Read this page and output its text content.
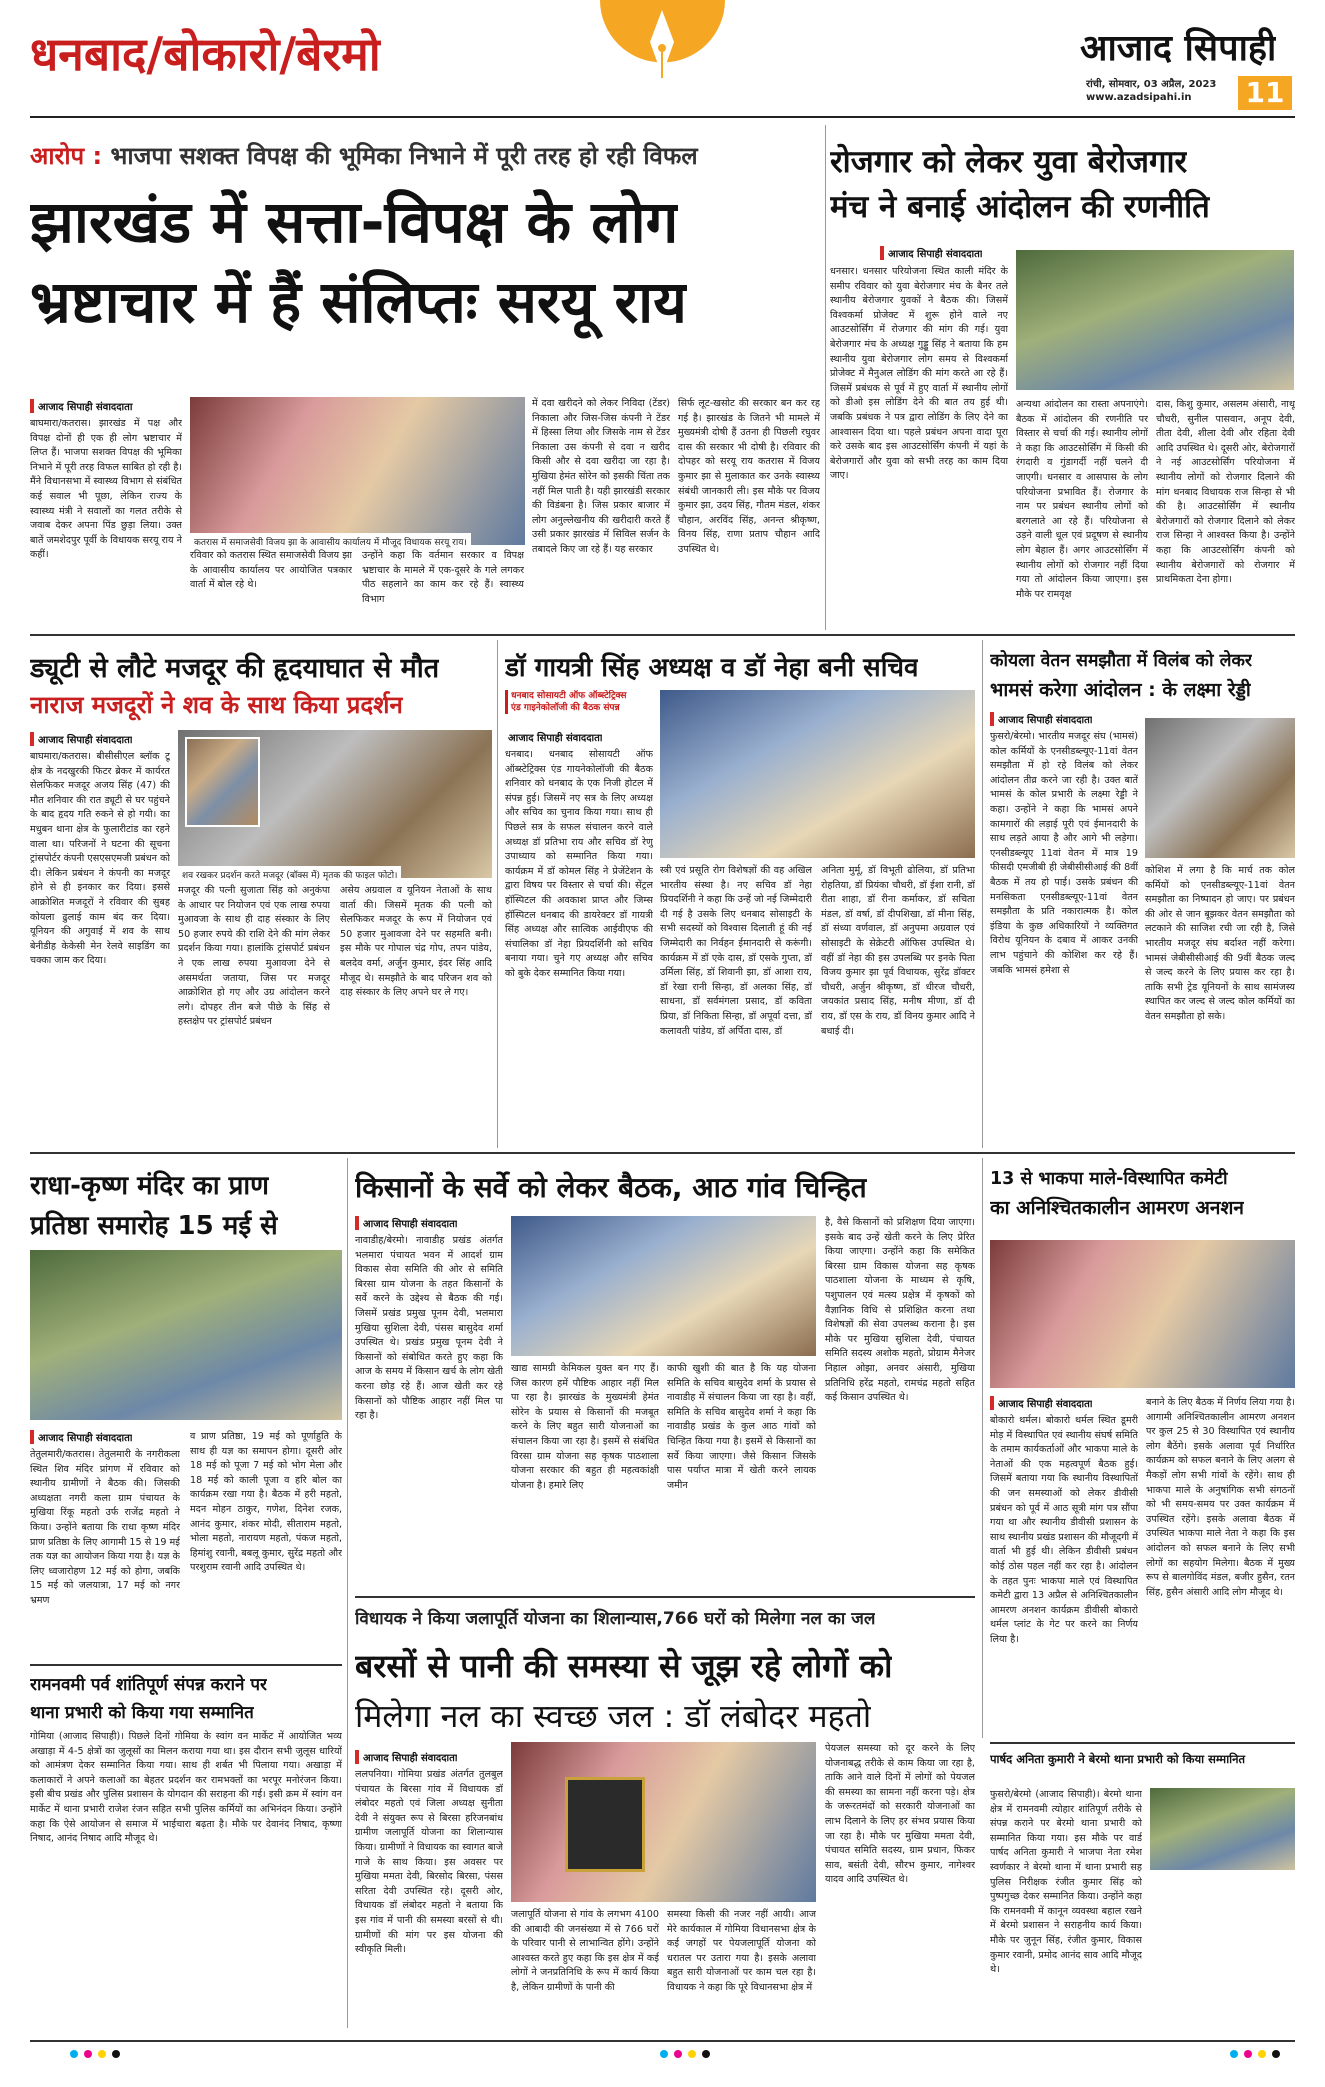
धनबाद/बोकारो/बेरमो	आजाद सिपाही
रांची, सोमवार, 03 अप्रैल, 2023
www.azadsipahi.in 11
आरोप : भाजपा सशक्त विपक्ष की भूमिका निभाने में पूरी तरह हो रही विफल
झारखंड में सत्ता-विपक्ष के लोग
भ्रष्टाचार में हैं संलिप्तः सरयू राय
आजाद सिपाही संवाददाता
बाघमारा/कतरास। झारखंड में पक्ष और विपक्ष दोनों ही एक ही लोग भ्रष्टाचार में लिप्त हैं। भाजपा सशक्त विपक्ष की भूमिका निभाने में पूरी तरह विफल साबित हो रही है। मैंने विधानसभा में स्वास्थ्य विभाग से संबंधित कई सवाल भी पूछा, लेकिन राज्य के स्वास्थ्य मंत्री ने सवालों का गलत तरीके से जवाब देकर अपना पिंड छुड़ा लिया। उक्त बातें जमशेदपुर पूर्वी के विधायक सरयू राय ने कहीं।
कतरास में समाजसेवी विजय झा के आवासीय कार्यालय में मौजूद विधायक सरयू राय।
रविवार को कतरास स्थित समाजसेवी विजय झा के आवासीय कार्यालय पर आयोजित पत्रकार वार्ता में बोल रहे थे।
उन्होंने कहा कि वर्तमान सरकार व विपक्ष भ्रष्टाचार के मामले में एक-दूसरे के गले लगकर पीठ सहलाने का काम कर रहे हैं। स्वास्थ्य विभाग
में दवा खरीदने को लेकर निविदा (टेंडर) निकाला और जिस-जिस कंपनी ने टेंडर में हिस्सा लिया और जिसके नाम से टेंडर निकाला उस कंपनी से दवा न खरीद किसी और से दवा खरीदा जा रहा है। मुखिया हेमंत सोरेन को इसकी चिंता तक नहीं मिल पाती है। यही झारखंडी सरकार की विडंबना है। जिस प्रकार बाजार में लोग अनुल्लेखनीय की खरीदारी करते हैं उसी प्रकार झारखंड में सिविल सर्जन के तबादले किए जा रहे हैं। यह सरकार
सिर्फ लूट-खसोट की सरकार बन कर रह गई है। झारखंड के जितने भी मामले में मुख्यमंत्री दोषी हैं उतना ही पिछली रघुवर दास की सरकार भी दोषी है। रविवार की दोपहर को सरयू राय कतरास में विजय कुमार झा से मुलाकात कर उनके स्वास्थ्य संबंधी जानकारी ली। इस मौके पर विजय कुमार झा, उदय सिंह, गौतम मंडल, शंकर चौहान, अरविंद सिंह, अनन्त श्रीकृष्ण, विनय सिंह, राणा प्रताप चौहान आदि उपस्थित थे।
रोजगार को लेकर युवा बेरोजगार
मंच ने बनाई आंदोलन की रणनीति
आजाद सिपाही संवाददाता
धनसार। धनसार परियोजना स्थित काली मंदिर के समीप रविवार को युवा बेरोजगार मंच के बैनर तले स्थानीय बेरोजगार युवकों ने बैठक की। जिसमें विश्वकर्मा प्रोजेक्ट में शुरू होने वाले नए आउटसोर्सिंग में रोजगार की मांग की गई। युवा बेरोजगार मंच के अध्यक्ष गुड्डू सिंह ने बताया कि हम स्थानीय युवा बेरोजगार लोग समय से विश्वकर्मा प्रोजेक्ट में मैनुअल लोडिंग की मांग करते आ रहे हैं। जिसमें प्रबंधक से पूर्व में हुए वार्ता में स्थानीय लोगों को डीओ इस लोडिंग देने की बात तय हुई थी। जबकि प्रबंधक ने पत्र द्वारा लोडिंग के लिए देने का आश्वासन दिया था। पहले प्रबंधन अपना वादा पूरा करे उसके बाद इस आउटसोर्सिंग कंपनी में यहां के बेरोजगारों और युवा को सभी तरह का काम दिया जाए।
अन्यथा आंदोलन का रास्ता अपनाएंगे। बैठक में आंदोलन की रणनीति पर विस्तार से चर्चा की गई। स्थानीय लोगों ने कहा कि आउटसोर्सिंग में किसी की रंगदारी व गुंडागर्दी नहीं चलने दी जाएगी। धनसार व आसपास के लोग परियोजना प्रभावित हैं। रोजगार के नाम पर प्रबंधन स्थानीय लोगों को बरगलाते आ रहे हैं। परियोजना से उड़ने वाली धूल एवं प्रदूषण से स्थानीय लोग बेहाल हैं। अगर आउटसोर्सिंग में स्थानीय लोगों को रोजगार नहीं दिया गया तो आंदोलन किया जाएगा। इस मौके पर रामवृक्ष
दास, किशु कुमार, असलम अंसारी, नाथू चौधरी, सुनील पासवान, अनूप देवी, तीता देवी, शीला देवी और रहिता देवी आदि उपस्थित थे। दूसरी ओर, बेरोजगारों ने नई आउटसोर्सिंग परियोजना में स्थानीय लोगों को रोजगार दिलाने की मांग धनबाद विधायक राज सिन्हा से भी की है। आउटसोर्सिंग में स्थानीय बेरोजगारों को रोजगार दिलाने को लेकर राज सिन्हा ने आश्वस्त किया है। उन्होंने कहा कि आउटसोर्सिंग कंपनी को स्थानीय बेरोजगारों को रोजगार में प्राथमिकता देना होगा।
ड्यूटी से लौटे मजदूर की हृदयाघात से मौत
नाराज मजदूरों ने शव के साथ किया प्रदर्शन
आजाद सिपाही संवाददाता
बाघमारा/कतरास। बीसीसीएल ब्लॉक टू क्षेत्र के नदखुरकी फिटर ब्रेकर में कार्यरत सेलफिकर मजदूर अजय सिंह (47) की मौत शनिवार की रात ड्यूटी से घर पहुंचने के बाद हृदय गति रुकने से हो गयी। का मधुबन थाना क्षेत्र के फुलारीटांड का रहने वाला था। परिजनों ने घटना की सूचना ट्रांसपोर्टर कंपनी एसएसएमजी प्रबंधन को दी। लेकिन प्रबंधन ने कंपनी का मजदूर होने से ही इनकार कर दिया। इससे आक्रोशित मजदूरों ने रविवार की सुबह कोयला ढुलाई काम बंद कर दिया। यूनियन की अगुवाई में शव के साथ बेनीडीह केकेसी मेन रेलवे साइडिंग का चक्का जाम कर दिया।
शव रखकर प्रदर्शन करते मजदूर (बॉक्स में) मृतक की फाइल फोटो।
मजदूर की पत्नी सुजाता सिंह को अनुकंपा के आधार पर नियोजन एवं एक लाख रुपया मुआवजा के साथ ही दाह संस्कार के लिए 50 हजार रुपये की राशि देने की मांग लेकर प्रदर्शन किया गया। हालांकि ट्रांसपोर्ट प्रबंधन ने एक लाख रुपया मुआवजा देने से असमर्थता जताया, जिस पर मजदूर आक्रोशित हो गए और उग्र आंदोलन करने लगे। दोपहर तीन बजे पीछे के सिंह से हस्तक्षेप पर ट्रांसपोर्ट प्रबंधन
असेय अग्रवाल व यूनियन नेताओं के साथ वार्ता की। जिसमें मृतक की पत्नी को सेलफिकर मजदूर के रूप में नियोजन एवं 50 हजार मुआवजा देने पर सहमति बनी। इस मौके पर गोपाल चंद्र गोप, तपन पांडेय, बलदेव वर्मा, अर्जुन कुमार, इंदर सिंह आदि मौजूद थे। समझौते के बाद परिजन शव को दाह संस्कार के लिए अपने घर ले गए।
डॉ गायत्री सिंह अध्यक्ष व डॉ नेहा बनी सचिव
धनबाद सोसायटी ऑफ ऑब्स्टेट्रिक्स एंड गाइनेकोलॉजी की बैठक संपन्न
आजाद सिपाही संवाददाता
धनबाद। धनबाद सोसायटी ऑफ ऑब्स्टेट्रिक्स एंड गायनेकोलॉजी की बैठक शनिवार को धनबाद के एक निजी होटल में संपन्न हुई। जिसमें नए सत्र के लिए अध्यक्ष और सचिव का चुनाव किया गया। साथ ही पिछले सत्र के सफल संचालन करने वाले अध्यक्ष डॉ प्रतिभा राय और सचिव डॉ रेणु उपाध्याय को सम्मानित किया गया। कार्यक्रम में डॉ कोमल सिंह ने प्रेजेंटेशन के द्वारा विषय पर विस्तार से चर्चा की। सेंट्रल हॉस्पिटल की अवकाश प्राप्त और जिम्स हॉस्पिटल धनबाद की डायरेक्टर डॉ गायत्री सिंह अध्यक्ष और सात्विक आईवीएफ की संचालिका डॉ नेहा प्रियदर्शिनी को सचिव बनाया गया। चुने गए अध्यक्ष और सचिव को बुके देकर सम्मानित किया गया।
स्त्री एवं प्रसूति रोग विशेषज्ञों की वह अखिल भारतीय संस्था है। नए सचिव डॉ नेहा प्रियदर्शिनी ने कहा कि उन्हें जो नई जिम्मेदारी दी गई है उसके लिए धनबाद सोसाइटी के सभी सदस्यों को विश्वास दिलाती हूं की नई जिम्मेदारी का निर्वहन ईमानदारी से करूंगी। कार्यक्रम में डॉ एके दास, डॉ एसके गुप्ता, डॉ उर्मिला सिंह, डॉ शिवानी झा, डॉ आशा राय, डॉ रेखा रानी सिन्हा, डॉ अलका सिंह, डॉ साधना, डॉ सर्वमंगला प्रसाद, डॉ कविता प्रिया, डॉ निकिता सिन्हा, डॉ अपूर्वा दत्ता, डॉ कलावती पांडेय, डॉ अर्पिता दास, डॉ
अनिता मुर्मू, डॉ विभूती ढोलिया, डॉ प्रतिभा रोहतिया, डॉ प्रियंका चौधरी, डॉ ईशा रानी, डॉ रीता शाहा, डॉ रीना कर्माकर, डॉ सचिता मंडल, डॉ वर्षा, डॉ दीपशिखा, डॉ मीना सिंह, डॉ संध्या वर्णवाल, डॉ अनुपमा अग्रवाल एवं सोसाइटी के सेक्रेटरी ऑफिस उपस्थित थे। वहीं डॉ नेहा की इस उपलब्धि पर इनके पिता विजय कुमार झा पूर्व विधायक, सुरेंद्र डॉक्टर चौधरी, अर्जुन श्रीकृष्ण, डॉ धीरज चौधरी, जयकांत प्रसाद सिंह, मनीष मीणा, डॉ दी राय, डॉ एस के राय, डॉ विनय कुमार आदि ने बधाई दी।
कोयला वेतन समझौता में विलंब को लेकर
भामसं करेगा आंदोलन : के लक्ष्मा रेड्डी
आजाद सिपाही संवाददाता
फुसरो/बेरमो। भारतीय मजदूर संघ (भामसं) कोल कर्मियों के एनसीडब्ल्यूए-11वां वेतन समझौता में हो रहे विलंब को लेकर आंदोलन तीव्र करने जा रही है। उक्त बातें भामसं के कोल प्रभारी के लक्ष्मा रेड्डी ने कहा। उन्होंने ने कहा कि भामसं अपने कामगारों की लड़ाई पूरी एवं ईमानदारी के साथ लड़ते आया है और आगे भी लड़ेगा। एनसीडब्ल्यूए 11वां वेतन में मात्र 19 फीसदी एमजीबी ही जेबीसीसीआई की 8वीं बैठक में तय हो पाई। उसके प्रबंधन की मनसिकता एनसीडब्ल्यूए-11वां वेतन समझौता के प्रति नकारात्मक है। कोल इंडिया के कुछ अधिकारियों ने व्यक्तिगत विरोध यूनियन के दबाव में आकर उनकी लाभ पहुंचाने की कोशिश कर रहे हैं। जबकि भामसं हमेशा से
कोशिश में लगा है कि मार्च तक कोल कर्मियों को एनसीडब्ल्यूए-11वां वेतन समझौता का निष्पादन हो जाए। पर प्रबंधन की ओर से जान बूझकर वेतन समझौता को लटकाने की साजिश रची जा रही है, जिसे भारतीय मजदूर संघ बर्दाश्त नहीं करेगा। भामसं जेबीसीसीआई की 9वीं बैठक जल्द से जल्द करने के लिए प्रयास कर रहा है। ताकि सभी ट्रेड यूनियनों के साथ सामंजस्य स्थापित कर जल्द से जल्द कोल कर्मियों का वेतन समझौता हो सके।
राधा-कृष्ण मंदिर का प्राण
प्रतिष्ठा समारोह 15 मई से
आजाद सिपाही संवाददाता
तेतुलमारी/कतरास। तेतुलमारी के नगरीकला स्थित शिव मंदिर प्रांगण में रविवार को स्थानीय ग्रामीणों ने बैठक की। जिसकी अध्यक्षता नगरी कला ग्राम पंचायत के मुखिया रिंकू महतो उर्फ राजेंद्र महतो ने किया। उन्होंने बताया कि राधा कृष्ण मंदिर प्राण प्रतिष्ठा के लिए आगामी 15 से 19 मई तक यज्ञ का आयोजन किया गया है। यज्ञ के लिए ध्वजारोहण 12 मई को होगा, जबकि 15 मई को जलयात्रा, 17 मई को नगर भ्रमण
व प्राण प्रतिष्ठा, 19 मई को पूर्णाहुति के साथ ही यज्ञ का समापन होगा। दूसरी ओर 18 मई को पूजा 7 मई को भोग मेला और 18 मई को काली पूजा व हरि बोल का कार्यक्रम रखा गया है। बैठक में हरी महतो, मदन मोहन ठाकुर, गणेश, दिनेश रजक, आनंद कुमार, शंकर मोदी, सीताराम महतो, भोला महतो, नारायण महतो, पंकज महतो, हिमांशु रवानी, बबलू कुमार, सुरेंद्र महतो और परशुराम रवानी आदि उपस्थित थे।
किसानों के सर्वे को लेकर बैठक, आठ गांव चिन्हित
आजाद सिपाही संवाददाता
नावाडीह/बेरमो। नावाडीह प्रखंड अंतर्गत भलमारा पंचायत भवन में आदर्श ग्राम विकास सेवा समिति की ओर से समिति बिरसा ग्राम योजना के तहत किसानों के सर्वे करने के उद्देश्य से बैठक की गई। जिसमें प्रखंड प्रमुख पूनम देवी, भलमारा मुखिया सुशिला देवी, पंसस बासुदेव शर्मा उपस्थित थे। प्रखंड प्रमुख पूनम देवी ने किसानों को संबोधित करते हुए कहा कि आज के समय में किसान खर्च के लोग खेती करना छोड़ रहे हैं। आज खेती कर रहे किसानों को पौष्टिक आहार नहीं मिल पा रहा है।
खाद्य सामग्री केमिकल युक्त बन गए हैं। जिस कारण हमें पौष्टिक आहार नहीं मिल पा रहा है। झारखंड के मुख्यमंत्री हेमंत सोरेन के प्रयास से किसानों की मजबूत करने के लिए बहुत सारी योजनाओं का संचालन किया जा रहा है। इसमें से संबंधित विरसा ग्राम योजना सह कृषक पाठशाला योजना सरकार की बहुत ही महत्वकांक्षी योजना है। हमारे लिए
काफी खुशी की बात है कि यह योजना समिति के सचिव बासुदेव शर्मा के प्रयास से नावाडीह में संचालन किया जा रहा है। वहीं, समिति के सचिव बासुदेव शर्मा ने कहा कि नावाडीह प्रखंड के कुल आठ गांवों को चिन्हित किया गया है। इसमें से किसानों का सर्वे किया जाएगा। जैसे किसान जिसके पास पर्याप्त मात्रा में खेती करने लायक जमीन
है, वैसे किसानों को प्रशिक्षण दिया जाएगा। इसके बाद उन्हें खेती करने के लिए प्रेरित किया जाएगा। उन्होंने कहा कि समेकित बिरसा ग्राम विकास योजना सह कृषक पाठशाला योजना के माध्यम से कृषि, पशुपालन एवं मत्स्य प्रक्षेत्र में कृषकों को वैज्ञानिक विधि से प्रशिक्षित करना तथा विशेषज्ञों की सेवा उपलब्ध कराना है। इस मौके पर मुखिया सुशिला देवी, पंचायत समिति सदस्य अशोक महतो, प्रोग्राम मैनेजर निहाल ओझा, अनवर अंसारी, मुखिया प्रतिनिधि हरेंद्र महतो, रामचंद्र महतो सहित कई किसान उपस्थित थे।
13 से भाकपा माले-विस्थापित कमेटी
का अनिश्चितकालीन आमरण अनशन
आजाद सिपाही संवाददाता
बोकारो थर्मल। बोकारो थर्मल स्थित डूमरी मोड़ में विस्थापित एवं स्थानीय संघर्ष समिति के तमाम कार्यकर्ताओं और भाकपा माले के नेताओं की एक महत्वपूर्ण बैठक हुई। जिसमें बताया गया कि स्थानीय विस्थापितों की जन समस्याओं को लेकर डीवीसी प्रबंधन को पूर्व में आठ सूत्री मांग पत्र सौंपा गया था और स्थानीय डीवीसी प्रशासन के साथ स्थानीय प्रखंड प्रशासन की मौजूदगी में वार्ता भी हुई थी। लेकिन डीवीसी प्रबंधन कोई ठोस पहल नहीं कर रहा है। आंदोलन के तहत पुनः भाकपा माले एवं विस्थापित कमेटी द्वारा 13 अप्रैल से अनिश्चितकालीन आमरण अनशन कार्यक्रम डीवीसी बोकारो थर्मल प्लांट के गेट पर करने का निर्णय लिया है।
बनाने के लिए बैठक में निर्णय लिया गया है। आगामी अनिश्चितकालीन आमरण अनशन पर कुल 25 से 30 विस्थापित एवं स्थानीय लोग बैठेंगे। इसके अलावा पूर्व निर्धारित कार्यक्रम को सफल बनाने के लिए अलग से मैकड़ों लोग सभी गांवों के रहेंगे। साथ ही भाकपा माले के अनुषांगिक सभी संगठनों को भी समय-समय पर उक्त कार्यक्रम में उपस्थित रहेंगे। इसके अलावा बैठक में उपस्थित भाकपा माले नेता ने कहा कि इस आंदोलन को सफल बनाने के लिए सभी लोगों का सहयोग मिलेगा। बैठक में मुख्य रूप से बालगोविंद मंडल, बजीर हुसैन, रतन सिंह, हुसैन अंसारी आदि लोग मौजूद थे।
रामनवमी पर्व शांतिपूर्ण संपन्न कराने पर
थाना प्रभारी को किया गया सम्मानित
गोमिया (आजाद सिपाही)। पिछले दिनों गोमिया के स्वांग वन मार्केट में आयोजित भव्य अखाड़ा में 4-5 क्षेत्रों का जुलूसों का मिलन कराया गया था। इस दौरान सभी जुलूस धारियों को आमंत्रण देकर सम्मानित किया गया। साथ ही शर्बत भी पिलाया गया। अखाड़ा में कलाकारों ने अपने कलाओं का बेहतर प्रदर्शन कर रामभक्तों का भरपूर मनोरंजन किया। इसी बीच प्रखंड और पुलिस प्रशासन के योगदान की सराहना की गई। इसी क्रम में स्वांग वन मार्केट में थाना प्रभारी राजेश रंजन सहित सभी पुलिस कर्मियों का अभिनंदन किया। उन्होंने कहा कि ऐसे आयोजन से समाज में भाईचारा बढ़ता है। मौके पर देवानंद निषाद, कृष्णा निषाद, आनंद निषाद आदि मौजूद थे।
विधायक ने किया जलापूर्ति योजना का शिलान्यास,766 घरों को मिलेगा नल का जल
बरसों से पानी की समस्या से जूझ रहे लोगों को
मिलेगा नल का स्वच्छ जल : डॉ लंबोदर महतो
आजाद सिपाही संवाददाता
ललपनिया। गोमिया प्रखंड अंतर्गत तुलबुल पंचायत के बिरसा गांव में विधायक डॉ लंबोदर महतो एवं जिला अध्यक्ष सुनीता देवी ने संयुक्त रूप से बिरसा हरिजनबांध ग्रामीण जलापूर्ति योजना का शिलान्यास किया। ग्रामीणों ने विधायक का स्वागत बाजे गाजे के साथ किया। इस अवसर पर मुखिया ममता देवी, बिरसोद बिरसा, पंसस सरिता देवी उपस्थित रहे। दूसरी ओर, विधायक डॉ लंबोदर महतो ने बताया कि इस गांव में पानी की समस्या बरसों से थी। ग्रामीणों की मांग पर इस योजना की स्वीकृति मिली।
जलापूर्ति योजना से गांव के लगभग 4100 की आबादी की जनसंख्या में से 766 घरों के परिवार पानी से लाभान्वित होंगे। उन्होंने आश्वस्त करते हुए कहा कि इस क्षेत्र में कई लोगों ने जनप्रतिनिधि के रूप में कार्य किया है, लेकिन ग्रामीणों के पानी की
समस्या किसी की नजर नहीं आयी। आज मेरे कार्यकाल में गोमिया विधानसभा क्षेत्र के कई जगहों पर पेयजलापूर्ति योजना को धरातल पर उतारा गया है। इसके अलावा बहुत सारी योजनाओं पर काम चल रहा है। विधायक ने कहा कि पूरे विधानसभा क्षेत्र में
पेयजल समस्या को दूर करने के लिए योजनाबद्ध तरीके से काम किया जा रहा है, ताकि आने वाले दिनों में लोगों को पेयजल की समस्या का सामना नहीं करना पड़े। क्षेत्र के जरूरतमंदों को सरकारी योजनाओं का लाभ दिलाने के लिए हर संभव प्रयास किया जा रहा है। मौके पर मुखिया ममता देवी, पंचायत समिति सदस्य, ग्राम प्रधान, फिकर साव, बसंती देवी, सौरभ कुमार, नागेश्वर यादव आदि उपस्थित थे।
पार्षद अनिता कुमारी ने बेरमो थाना प्रभारी को किया सम्मानित
फुसरो/बेरमो (आजाद सिपाही)। बेरमो थाना क्षेत्र में रामनवमी त्योहार शांतिपूर्ण तरीके से संपन्न कराने पर बेरमो थाना प्रभारी को सम्मानित किया गया। इस मौके पर वार्ड पार्षद अनिता कुमारी ने भाजपा नेता रमेश स्वर्णकार ने बेरमो थाना में थाना प्रभारी सह पुलिस निरीक्षक रंजीत कुमार सिंह को पुष्पगुच्छ देकर सम्मानित किया। उन्होंने कहा कि रामनवमी में कानून व्यवस्था बहाल रखने में बेरमो प्रशासन ने सराहनीय कार्य किया। मौके पर जुनून सिंह, रंजीत कुमार, विकास कुमार रवानी, प्रमोद आनंद साव आदि मौजूद थे।
